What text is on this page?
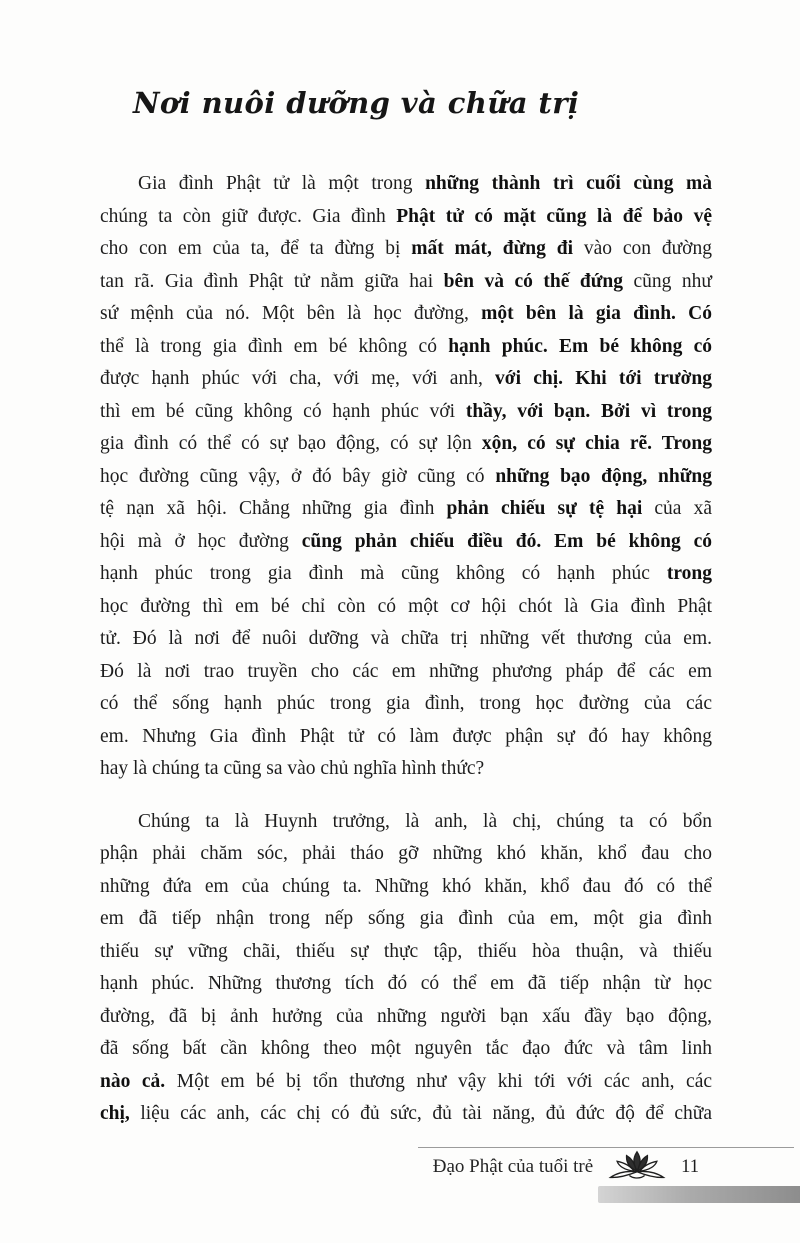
Nơi nuôi dưỡng và chữa trị
Gia đình Phật tử là một trong những thành trì cuối cùng mà
chúng ta còn giữ được. Gia đình Phật tử có mặt cũng là để bảo vệ
cho con em của ta, để ta đừng bị mất mát, đừng đi vào con đường
tan rã. Gia đình Phật tử nằm giữa hai bên và có thế đứng cũng như
sứ mệnh của nó. Một bên là học đường, một bên là gia đình. Có
thể là trong gia đình em bé không có hạnh phúc. Em bé không có
được hạnh phúc với cha, với mẹ, với anh, với chị. Khi tới trường
thì em bé cũng không có hạnh phúc với thầy, với bạn. Bởi vì trong
gia đình có thể có sự bạo động, có sự lộn xộn, có sự chia rẽ. Trong
học đường cũng vậy, ở đó bây giờ cũng có những bạo động, những
tệ nạn xã hội. Chẳng những gia đình phản chiếu sự tệ hại của xã
hội mà ở học đường cũng phản chiếu điều đó. Em bé không có
hạnh phúc trong gia đình mà cũng không có hạnh phúc trong
học đường thì em bé chỉ còn có một cơ hội chót là Gia đình Phật
tử. Đó là nơi để nuôi dưỡng và chữa trị những vết thương của em.
Đó là nơi trao truyền cho các em những phương pháp để các em
có thể sống hạnh phúc trong gia đình, trong học đường của các
em. Nhưng Gia đình Phật tử có làm được phận sự đó hay không
hay là chúng ta cũng sa vào chủ nghĩa hình thức?
Chúng ta là Huynh trưởng, là anh, là chị, chúng ta có bổn
phận phải chăm sóc, phải tháo gỡ những khó khăn, khổ đau cho
những đứa em của chúng ta. Những khó khăn, khổ đau đó có thể
em đã tiếp nhận trong nếp sống gia đình của em, một gia đình
thiếu sự vững chãi, thiếu sự thực tập, thiếu hòa thuận, và thiếu
hạnh phúc. Những thương tích đó có thể em đã tiếp nhận từ học
đường, đã bị ảnh hưởng của những người bạn xấu đầy bạo động,
đã sống bất cần không theo một nguyên tắc đạo đức và tâm linh
nào cả. Một em bé bị tổn thương như vậy khi tới với các anh, các
chị, liệu các anh, các chị có đủ sức, đủ tài năng, đủ đức độ để chữa
Đạo Phật của tuổi trẻ	11
